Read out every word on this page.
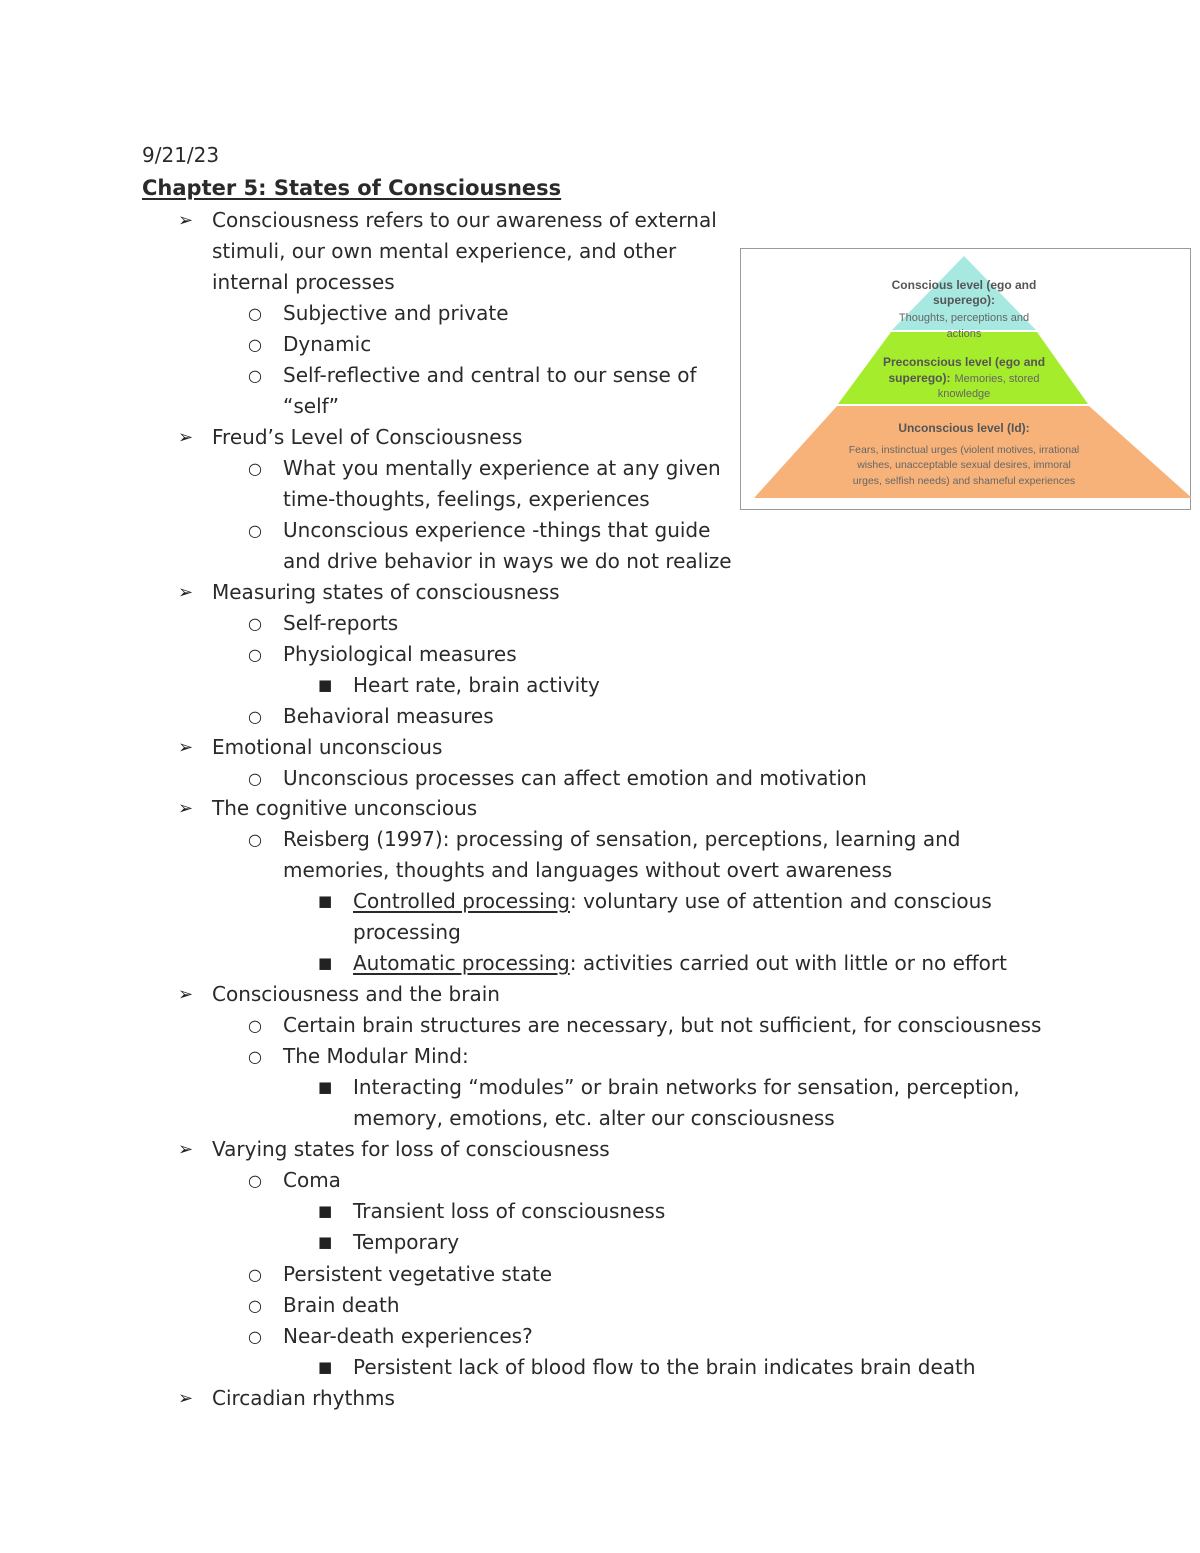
9/21/23
Chapter 5: States of Consciousness
➢ Consciousness refers to our awareness of external
stimuli, our own mental experience, and other
internal processes
○ Subjective and private
○ Dynamic
○ Self-reflective and central to our sense of
“self”
➢ Freud’s Level of Consciousness
○ What you mentally experience at any given
time-thoughts, feelings, experiences
○ Unconscious experience -things that guide
and drive behavior in ways we do not realize
➢ Measuring states of consciousness
○ Self-reports
○ Physiological measures
■ Heart rate, brain activity
○ Behavioral measures
➢ Emotional unconscious
○ Unconscious processes can affect emotion and motivation
➢ The cognitive unconscious
○ Reisberg (1997): processing of sensation, perceptions, learning and
memories, thoughts and languages without overt awareness
■ Controlled processing: voluntary use of attention and conscious
processing
■ Automatic processing: activities carried out with little or no effort
➢ Consciousness and the brain
○ Certain brain structures are necessary, but not sufficient, for consciousness
○ The Modular Mind:
■ Interacting “modules” or brain networks for sensation, perception,
memory, emotions, etc. alter our consciousness
➢ Varying states for loss of consciousness
○ Coma
■ Transient loss of consciousness
■ Temporary
○ Persistent vegetative state
○ Brain death
○ Near-death experiences?
■ Persistent lack of blood flow to the brain indicates brain death
➢ Circadian rhythms
Conscious level (ego and
superego):
Thoughts, perceptions and
actions
Preconscious level (ego and
superego): Memories, stored
knowledge
Unconscious level (Id):
Fears, instinctual urges (violent motives, irrational
wishes, unacceptable sexual desires, immoral
urges, selfish needs) and shameful experiences
